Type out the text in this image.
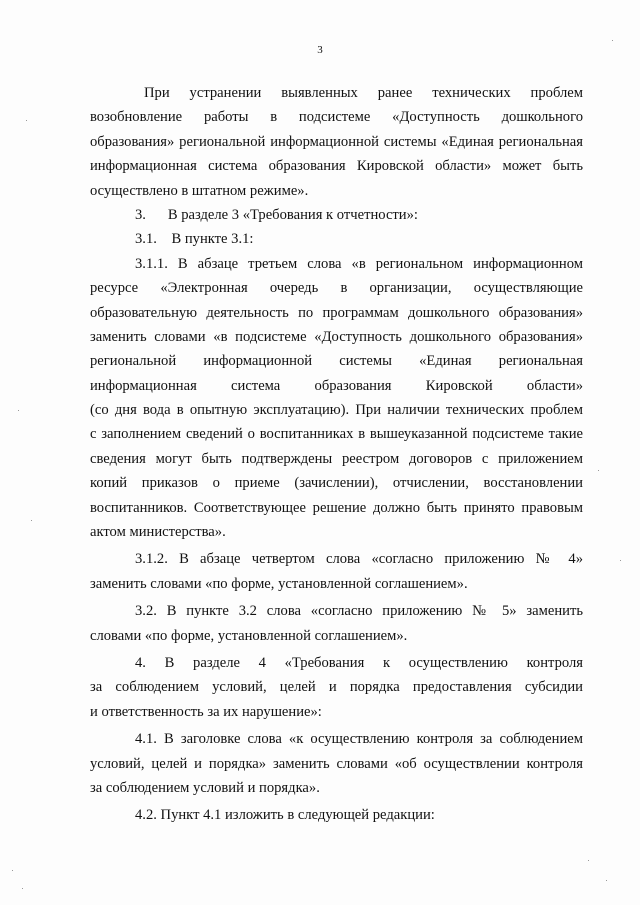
3
При устранении выявленных ранее технических проблем
возобновление работы в подсистеме «Доступность дошкольного
образования» региональной информационной системы «Единая региональная
информационная система образования Кировской области» может быть
осуществлено в штатном режиме».
3.      В разделе 3 «Требования к отчетности»:
3.1.    В пункте 3.1:
3.1.1. В абзаце третьем слова «в региональном информационном
ресурсе «Электронная очередь в организации, осуществляющие
образовательную деятельность по программам дошкольного образования»
заменить словами «в подсистеме «Доступность дошкольного образования»
региональной информационной системы «Единая региональная
информационная система образования Кировской области»
(со дня вода в опытную эксплуатацию). При наличии технических проблем
с заполнением сведений о воспитанниках в вышеуказанной подсистеме такие
сведения могут быть подтверждены реестром договоров с приложением
копий приказов о приеме (зачислении), отчислении, восстановлении
воспитанников. Соответствующее решение должно быть принято правовым
актом министерства».
3.1.2. В абзаце четвертом слова «согласно приложению № 4»
заменить словами «по форме, установленной соглашением».
3.2. В пункте 3.2 слова «согласно приложению № 5» заменить
словами «по форме, установленной соглашением».
4. В разделе 4 «Требования к осуществлению контроля
за соблюдением условий, целей и порядка предоставления субсидии
и ответственность за их нарушение»:
4.1. В заголовке слова «к осуществлению контроля за соблюдением
условий, целей и порядка» заменить словами «об осуществлении контроля
за соблюдением условий и порядка».
4.2. Пункт 4.1 изложить в следующей редакции:
